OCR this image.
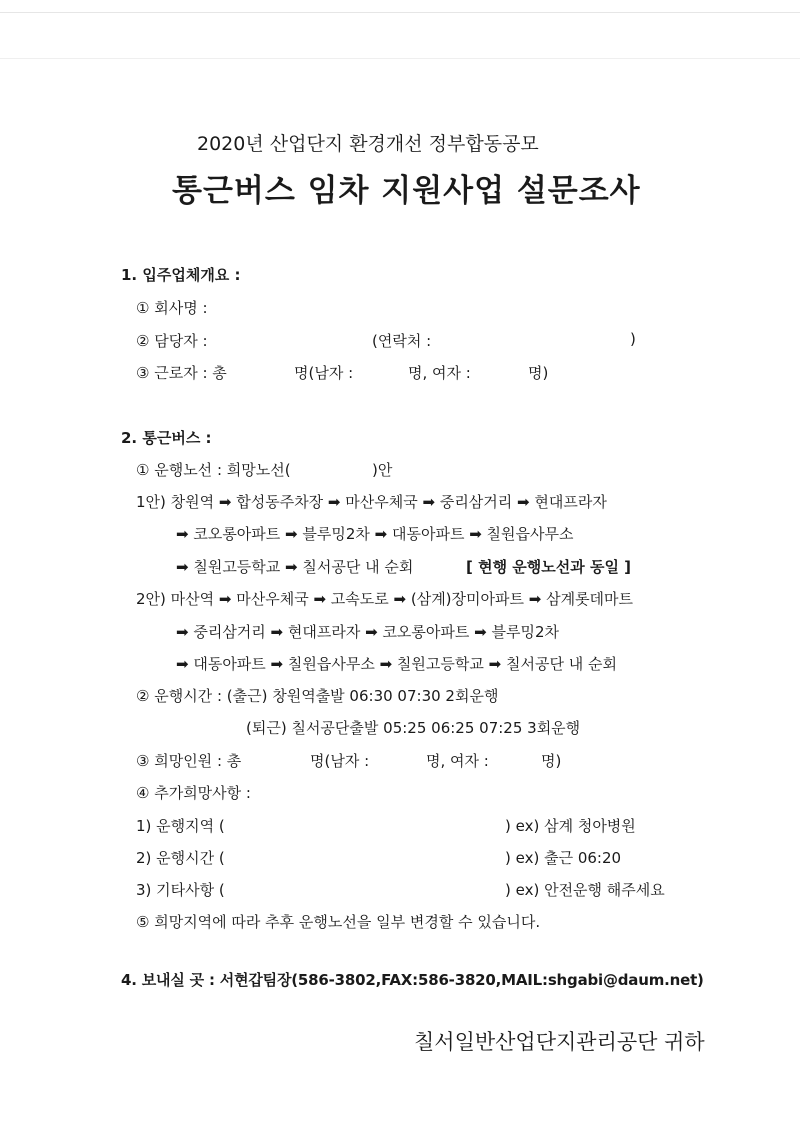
2020년 산업단지 환경개선 정부합동공모
통근버스 임차 지원사업 설문조사
1. 입주업체개요 :
① 회사명 :
② 담당자 :	(연락처 :	)
③ 근로자 : 총	명(남자 :	명, 여자 :	명)
2. 통근버스 :
① 운행노선 : 희망노선(	)안
1안) 창원역 ➡ 합성동주차장 ➡ 마산우체국 ➡ 중리삼거리 ➡ 현대프라자
➡ 코오롱아파트 ➡ 블루밍2차 ➡ 대동아파트 ➡ 칠원읍사무소
➡ 칠원고등학교 ➡ 칠서공단 내 순회	[ 현행 운행노선과 동일 ]
2안) 마산역 ➡ 마산우체국 ➡ 고속도로 ➡ (삼계)장미아파트 ➡ 삼계롯데마트
➡ 중리삼거리 ➡ 현대프라자 ➡ 코오롱아파트 ➡ 블루밍2차
➡ 대동아파트 ➡ 칠원읍사무소 ➡ 칠원고등학교 ➡ 칠서공단 내 순회
② 운행시간 : (출근) 창원역출발 06:30 07:30 2회운행
(퇴근) 칠서공단출발 05:25 06:25 07:25 3회운행
③ 희망인원 : 총	명(남자 :	명, 여자 :	명)
④ 추가희망사항 :
1) 운행지역 (	) ex) 삼계 청아병원
2) 운행시간 (	) ex) 출근 06:20
3) 기타사항 (	) ex) 안전운행 해주세요
⑤ 희망지역에 따라 추후 운행노선을 일부 변경할 수 있습니다.
4. 보내실 곳 : 서현갑팀장(586-3802,FAX:586-3820,MAIL:shgabi@daum.net)
칠서일반산업단지관리공단 귀하
